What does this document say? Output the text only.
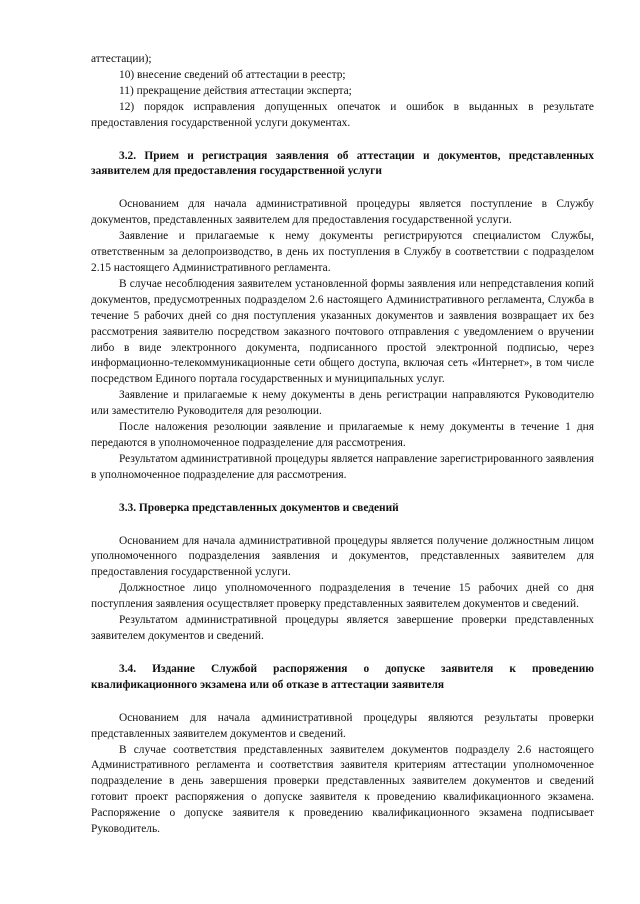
аттестации);

10) внесение сведений об аттестации в реестр;

11) прекращение действия аттестации эксперта;

12) порядок исправления допущенных опечаток и ошибок в выданных в результате предоставления государственной услуги документах.

3.2. Прием и регистрация заявления об аттестации и документов, представленных заявителем для предоставления государственной услуги

Основанием для начала административной процедуры является поступление в Службу документов, представленных заявителем для предоставления государственной услуги.

Заявление и прилагаемые к нему документы регистрируются специалистом Службы, ответственным за делопроизводство, в день их поступления в Службу в соответствии с подразделом 2.15 настоящего Административного регламента.

В случае несоблюдения заявителем установленной формы заявления или непредставления копий документов, предусмотренных подразделом 2.6 настоящего Административного регламента, Служба в течение 5 рабочих дней со дня поступления указанных документов и заявления возвращает их без рассмотрения заявителю посредством заказного почтового отправления с уведомлением о вручении либо в виде электронного документа, подписанного простой электронной подписью, через информационно-телекоммуникационные сети общего доступа, включая сеть «Интернет», в том числе посредством Единого портала государственных и муниципальных услуг.

Заявление и прилагаемые к нему документы в день регистрации направляются Руководителю или заместителю Руководителя для резолюции.

После наложения резолюции заявление и прилагаемые к нему документы в течение 1 дня передаются в уполномоченное подразделение для рассмотрения.

Результатом административной процедуры является направление зарегистрированного заявления в уполномоченное подразделение для рассмотрения.

3.3. Проверка представленных документов и сведений

Основанием для начала административной процедуры является получение должностным лицом уполномоченного подразделения заявления и документов, представленных заявителем для предоставления государственной услуги.

Должностное лицо уполномоченного подразделения в течение 15 рабочих дней со дня поступления заявления осуществляет проверку представленных заявителем документов и сведений.

Результатом административной процедуры является завершение проверки представленных заявителем документов и сведений.

3.4. Издание Службой распоряжения о допуске заявителя к проведению квалификационного экзамена или об отказе в аттестации заявителя

Основанием для начала административной процедуры являются результаты проверки представленных заявителем документов и сведений.

В случае соответствия представленных заявителем документов подразделу 2.6 настоящего Административного регламента и соответствия заявителя критериям аттестации уполномоченное подразделение в день завершения проверки представленных заявителем документов и сведений готовит проект распоряжения о допуске заявителя к проведению квалификационного экзамена. Распоряжение о допуске заявителя к проведению квалификационного экзамена подписывает Руководитель.
